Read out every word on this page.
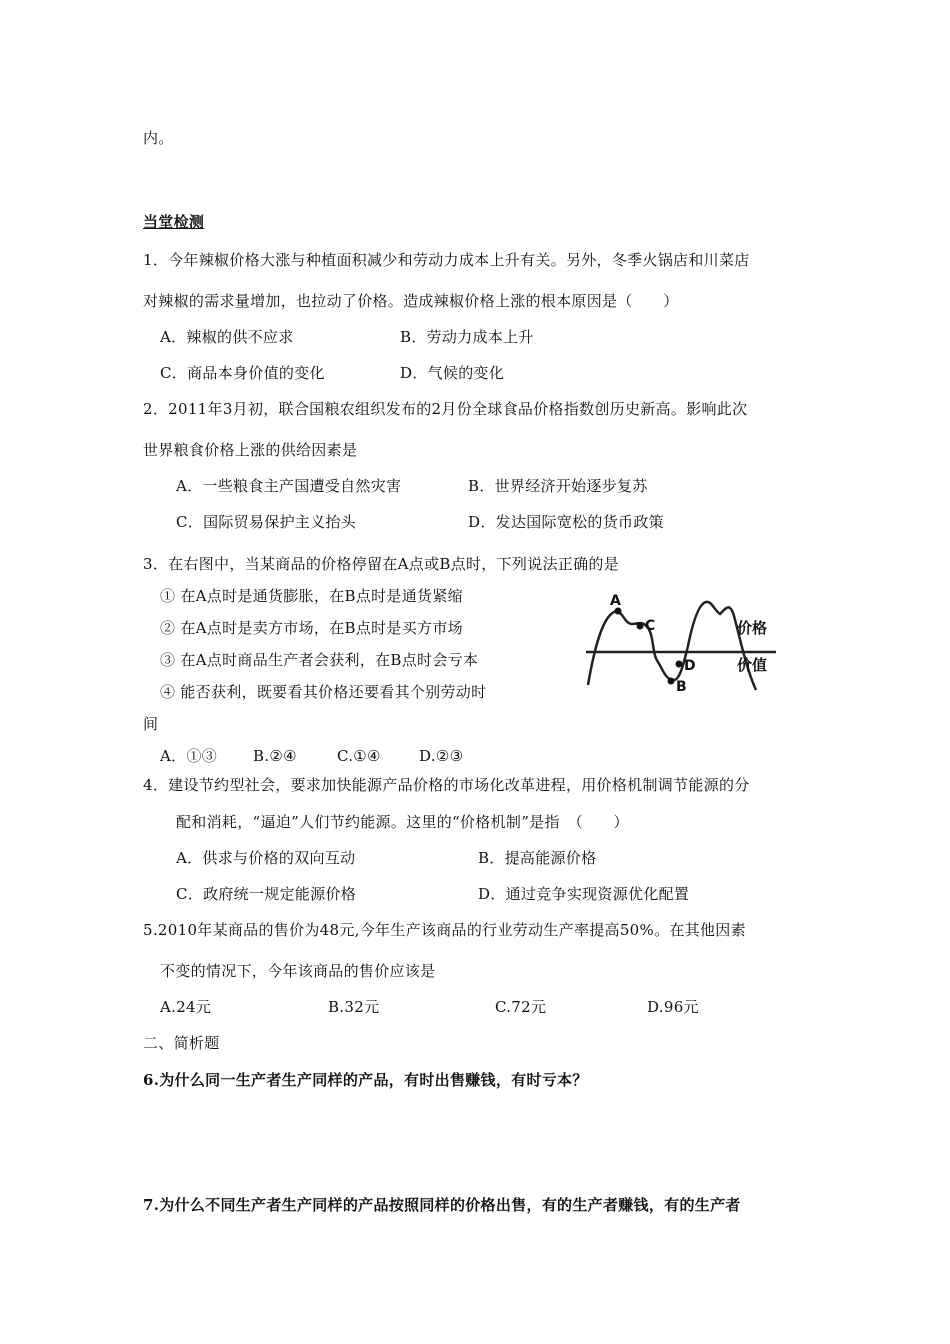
内。
当堂检测
1．今年辣椒价格大涨与种植面积减少和劳动力成本上升有关。另外，冬季火锅店和川菜店
对辣椒的需求量增加，也拉动了价格。造成辣椒价格上涨的根本原因是（　　）
A．辣椒的供不应求	B．劳动力成本上升
C．商品本身价值的变化	D．气候的变化
2．2011年3月初，联合国粮农组织发布的2月份全球食品价格指数创历史新高。影响此次
世界粮食价格上涨的供给因素是
A．一些粮食主产国遭受自然灾害	B．世界经济开始逐步复苏
C．国际贸易保护主义抬头	D．发达国际宽松的货币政策
3．在右图中，当某商品的价格停留在A点或B点时，下列说法正确的是
① 在A点时是通货膨胀，在B点时是通货紧缩
② 在A点时是卖方市场，在B点时是买方市场
③ 在A点时商品生产者会获利，在B点时会亏本
④ 能否获利，既要看其价格还要看其个别劳动时
间
A．①③ B.②④	C.①④	D.②③
A
C
D
B
价格
价值
4．建设节约型社会，要求加快能源产品价格的市场化改革进程，用价格机制调节能源的分
配和消耗，“逼迫”人们节约能源。这里的“价格机制”是指　（　　）
A．供求与价格的双向互动	B．提高能源价格
C．政府统一规定能源价格	D．通过竞争实现资源优化配置
5.2010年某商品的售价为48元,今年生产该商品的行业劳动生产率提高50%。在其他因素
不变的情况下，今年该商品的售价应该是
A.24元	B.32元	C.72元	D.96元
二、简析题
6.为什么同一生产者生产同样的产品，有时出售赚钱，有时亏本？
7.为什么不同生产者生产同样的产品按照同样的价格出售，有的生产者赚钱，有的生产者
